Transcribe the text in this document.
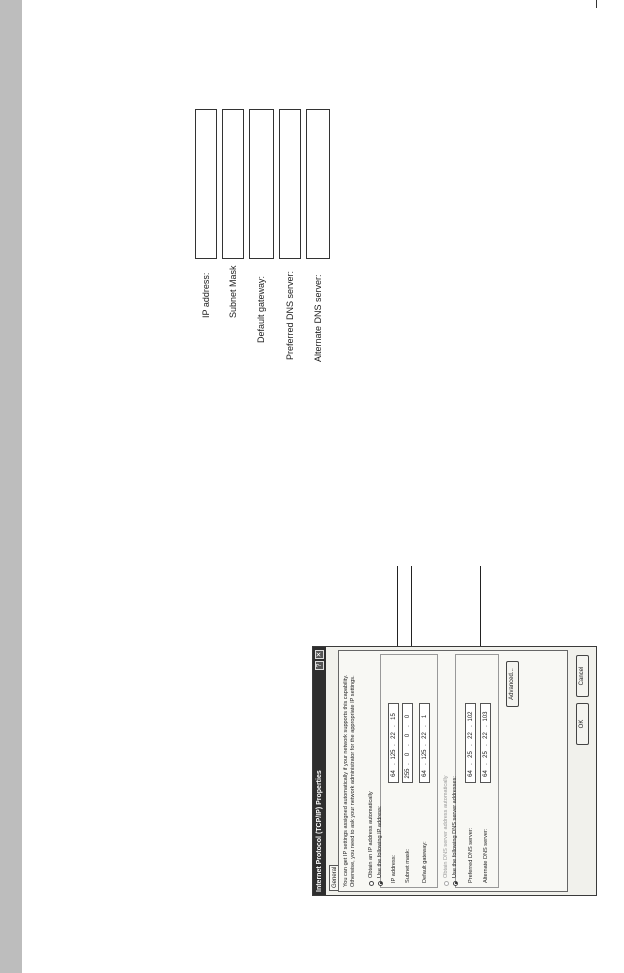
IP address: Subnet Mask Default gateway: Preferred DNS server: Alternate DNS server:
Internet Protocol (TCP/IP) Properties
?
✕
General You can get IP settings assigned automatically if your network supports this capability. Otherwise, you need to ask your network administrator for the appropriate IP settings. Obtain an IP address automatically Use the following IP address: IP address:
64
.
125
.
22
.
15
Subnet mask:
255
.
0
.
0
.
0
Default gateway:
64
.
125
.
22
.
1
Obtain DNS server address automatically Use the following DNS server addresses: Preferred DNS server:
64
.
25
.
22
.
102
Alternate DNS server:
64
.
25
.
22
.
103
Advanced...
OK
Cancel
